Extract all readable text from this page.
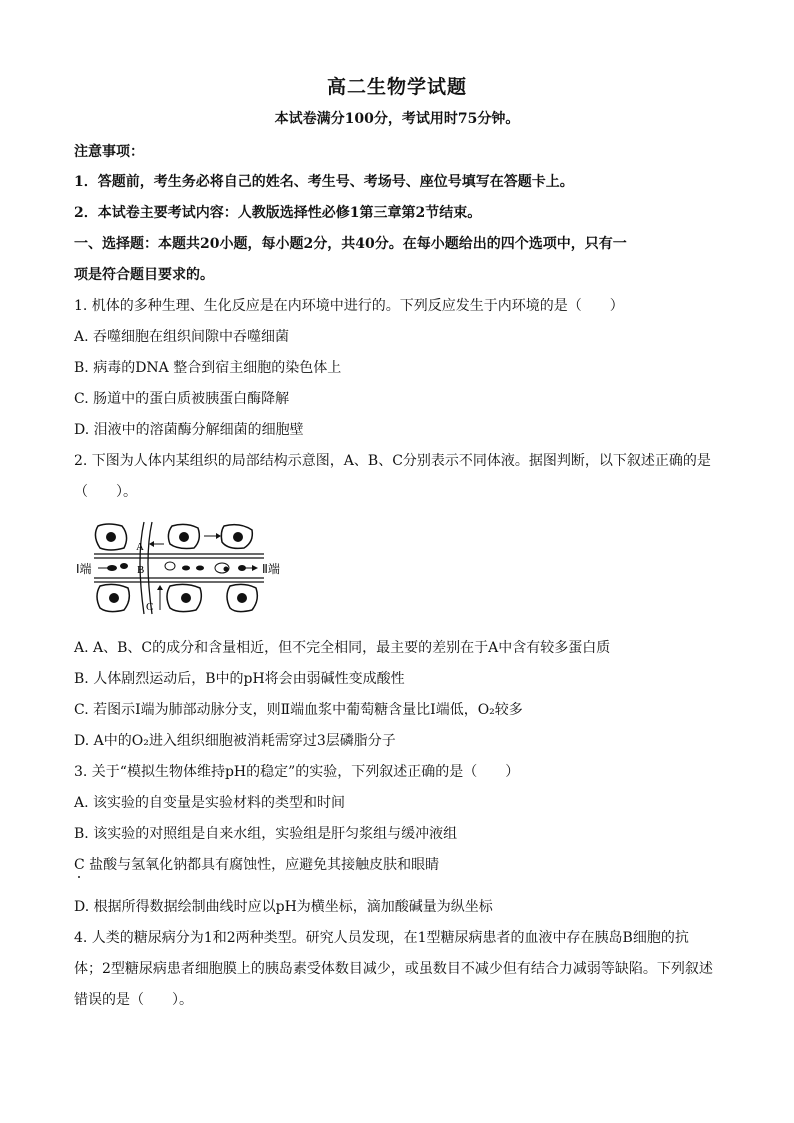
高二生物学试题
本试卷满分100分，考试用时75分钟。
注意事项：
1．答题前，考生务必将自己的姓名、考生号、考场号、座位号填写在答题卡上。
2．本试卷主要考试内容：人教版选择性必修1第三章第2节结束。
一、选择题：本题共20小题，每小题2分，共40分。在每小题给出的四个选项中，只有一
项是符合题目要求的。
1. 机体的多种生理、生化反应是在内环境中进行的。下列反应发生于内环境的是（　　）
A. 吞噬细胞在组织间隙中吞噬细菌
B. 病毒的DNA 整合到宿主细胞的染色体上
C. 肠道中的蛋白质被胰蛋白酶降解
D. 泪液中的溶菌酶分解细菌的细胞壁
2. 下图为人体内某组织的局部结构示意图，A、B、C分别表示不同体液。据图判断，以下叙述正确的是
（　　）。
A
B
C
Ⅰ端	Ⅱ端
A. A、B、C的成分和含量相近，但不完全相同，最主要的差别在于A中含有较多蛋白质
B. 人体剧烈运动后，B中的pH将会由弱碱性变成酸性
C. 若图示Ⅰ端为肺部动脉分支，则Ⅱ端血浆中葡萄糖含量比Ⅰ端低，O₂较多
D. A中的O₂进入组织细胞被消耗需穿过3层磷脂分子
3. 关于“模拟生物体维持pH的稳定”的实验，下列叙述正确的是（　　）
A. 该实验的自变量是实验材料的类型和时间
B. 该实验的对照组是自来水组，实验组是肝匀浆组与缓冲液组
C 盐酸与氢氧化钠都具有腐蚀性，应避免其接触皮肤和眼睛
D. 根据所得数据绘制曲线时应以pH为横坐标，滴加酸碱量为纵坐标
4. 人类的糖尿病分为1和2两种类型。研究人员发现，在1型糖尿病患者的血液中存在胰岛B细胞的抗
体；2型糖尿病患者细胞膜上的胰岛素受体数目减少，或虽数目不减少但有结合力减弱等缺陷。下列叙述
错误的是（　　）。
